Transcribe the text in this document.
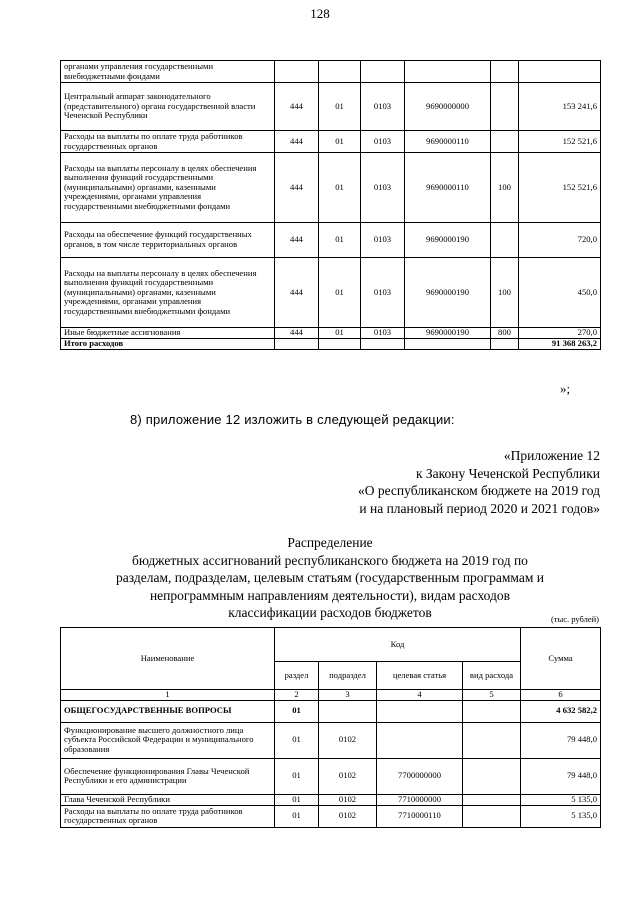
128
органами управления государственными внебюджетными фондами						
Центральный аппарат законодательного (представительного) органа государственной власти Чеченской Республики	444	01	0103	9690000000		153 241,6
Расходы на выплаты по оплате труда работников государственных органов	444	01	0103	9690000110		152 521,6
Расходы на выплаты персоналу в целях обеспечения выполнения функций государственными (муниципальными) органами, казенными учреждениями, органами управления государственными внебюджетными фондами	444	01	0103	9690000110	100	152 521,6
Расходы на обеспечение функций государственных органов, в том числе территориальных органов	444	01	0103	9690000190		720,0
Расходы на выплаты персоналу в целях обеспечения выполнения функций государственными (муниципальными) органами, казенными учреждениями, органами управления государственными внебюджетными фондами	444	01	0103	9690000190	100	450,0
Иные бюджетные ассигнования	444	01	0103	9690000190	800	270,0
Итого расходов						91 368 263,2
»;
8) приложение 12 изложить в следующей редакции:
«Приложение 12
к Закону Чеченской Республики
«О республиканском бюджете на 2019 год
и на плановый период 2020 и 2021 годов»
Распределение
бюджетных ассигнований республиканского бюджета на 2019 год по
разделам, подразделам, целевым статьям (государственным программам и
непрограммным направлениям деятельности), видам расходов
классификации расходов бюджетов	(тыс. рублей)
Наименование	Код				Сумма
	раздел	подраздел	целевая статья	вид расхода	
1	2	3	4	5	6
ОБЩЕГОСУДАРСТВЕННЫЕ ВОПРОСЫ	01				4 632 582,2
Функционирование высшего должностного лица субъекта Российской Федерации и муниципального образования	01	0102			79 448,0
Обеспечение функционирования Главы Чеченской Республики и его администрации	01	0102	7700000000		79 448,0
Глава Чеченской Республики	01	0102	7710000000		5 135,0
Расходы на выплаты по оплате труда работников государственных органов	01	0102	7710000110		5 135,0
